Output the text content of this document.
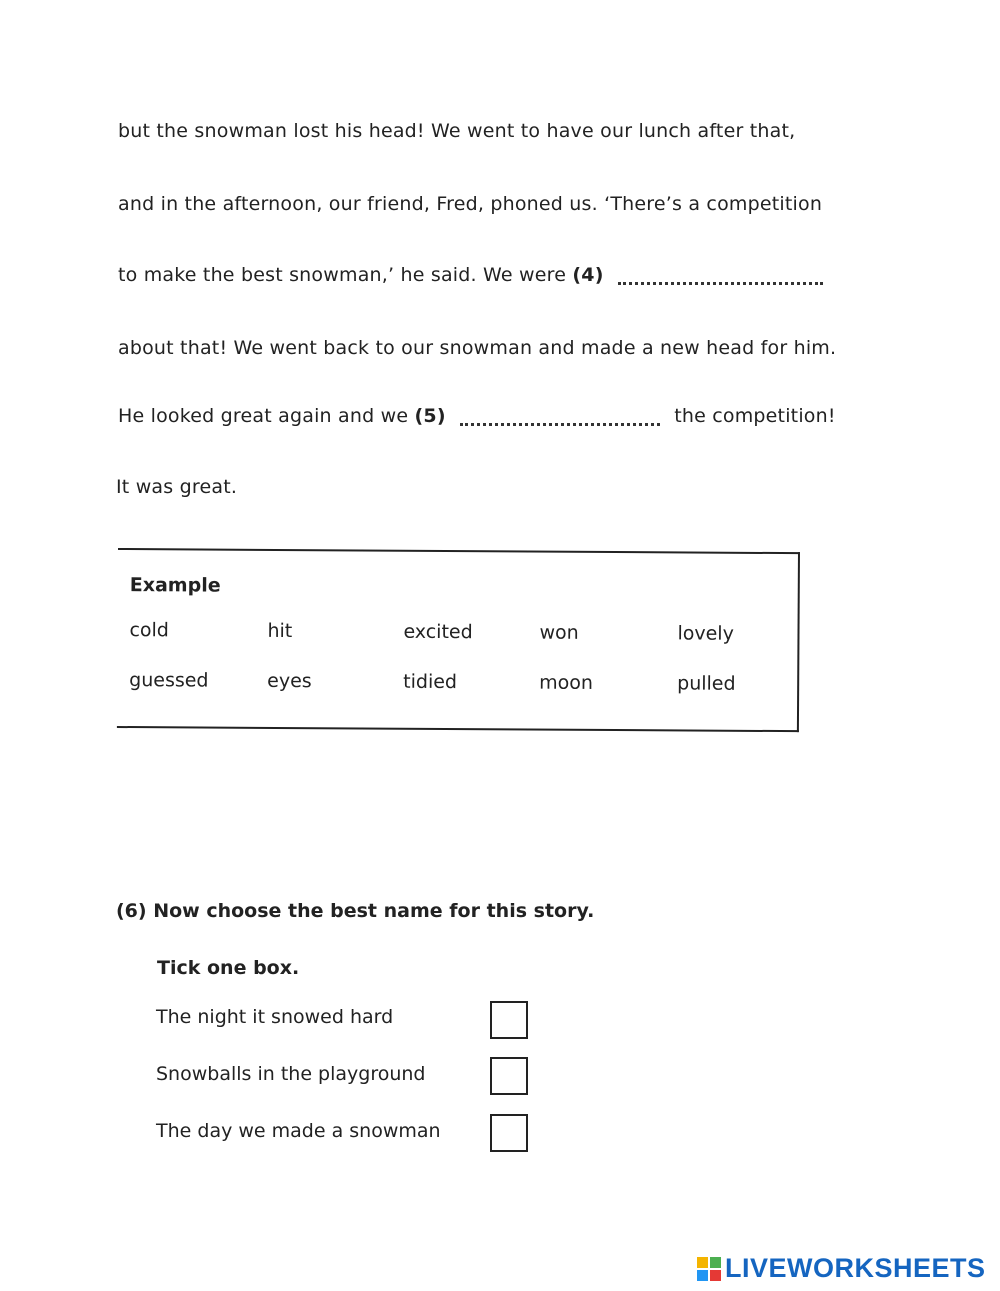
but the snowman lost his head! We went to have our lunch after that,
and in the afternoon, our friend, Fred, phoned us. ‘There’s a competition
to make the best snowman,’ he said. We were (4)
about that! We went back to our snowman and made a new head for him.
He looked great again and we (5)	the competition!
It was great.
Example
cold	hit	excited	won	lovely
guessed	eyes	tidied	moon	pulled
(6) Now choose the best name for this story.
Tick one box.
The night it snowed hard
Snowballs in the playground
The day we made a snowman
LIVEWORKSHEETS
